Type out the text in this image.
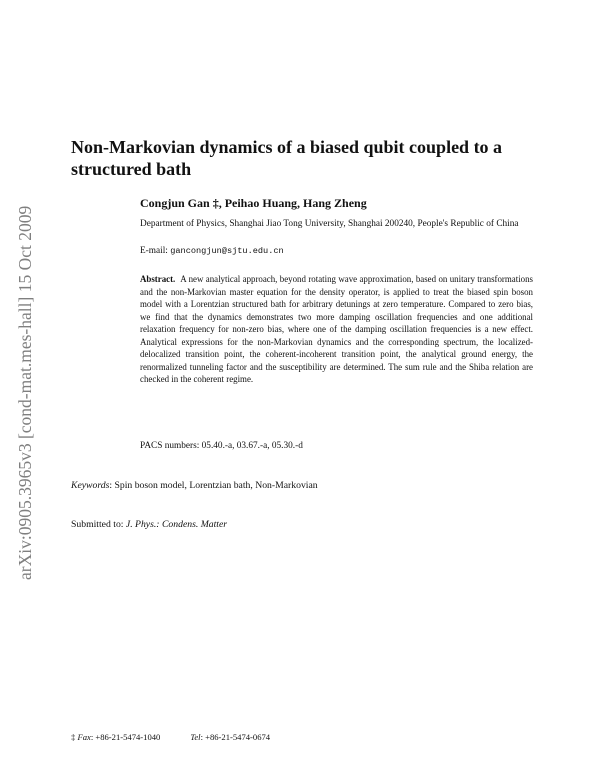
arXiv:0905.3965v3 [cond-mat.mes-hall] 15 Oct 2009
Non-Markovian dynamics of a biased qubit coupled to a structured bath
Congjun Gan ‡, Peihao Huang, Hang Zheng
Department of Physics, Shanghai Jiao Tong University, Shanghai 200240, People's Republic of China
E-mail: gancongjun@sjtu.edu.cn

Abstract. A new analytical approach, beyond rotating wave approximation, based on unitary transformations and the non-Markovian master equation for the density operator, is applied to treat the biased spin boson model with a Lorentzian structured bath for arbitrary detunings at zero temperature. Compared to zero bias, we find that the dynamics demonstrates two more damping oscillation frequencies and one additional relaxation frequency for non-zero bias, where one of the damping oscillation frequencies is a new effect. Analytical expressions for the non-Markovian dynamics and the corresponding spectrum, the localized-delocalized transition point, the coherent-incoherent transition point, the analytical ground energy, the renormalized tunneling factor and the susceptibility are determined. The sum rule and the Shiba relation are checked in the coherent regime.

PACS numbers: 05.40.-a, 03.67.-a, 05.30.-d
Keywords: Spin boson model, Lorentzian bath, Non-Markovian
Submitted to: J. Phys.: Condens. Matter
‡ Fax: +86-21-5474-1040	Tel: +86-21-5474-0674
